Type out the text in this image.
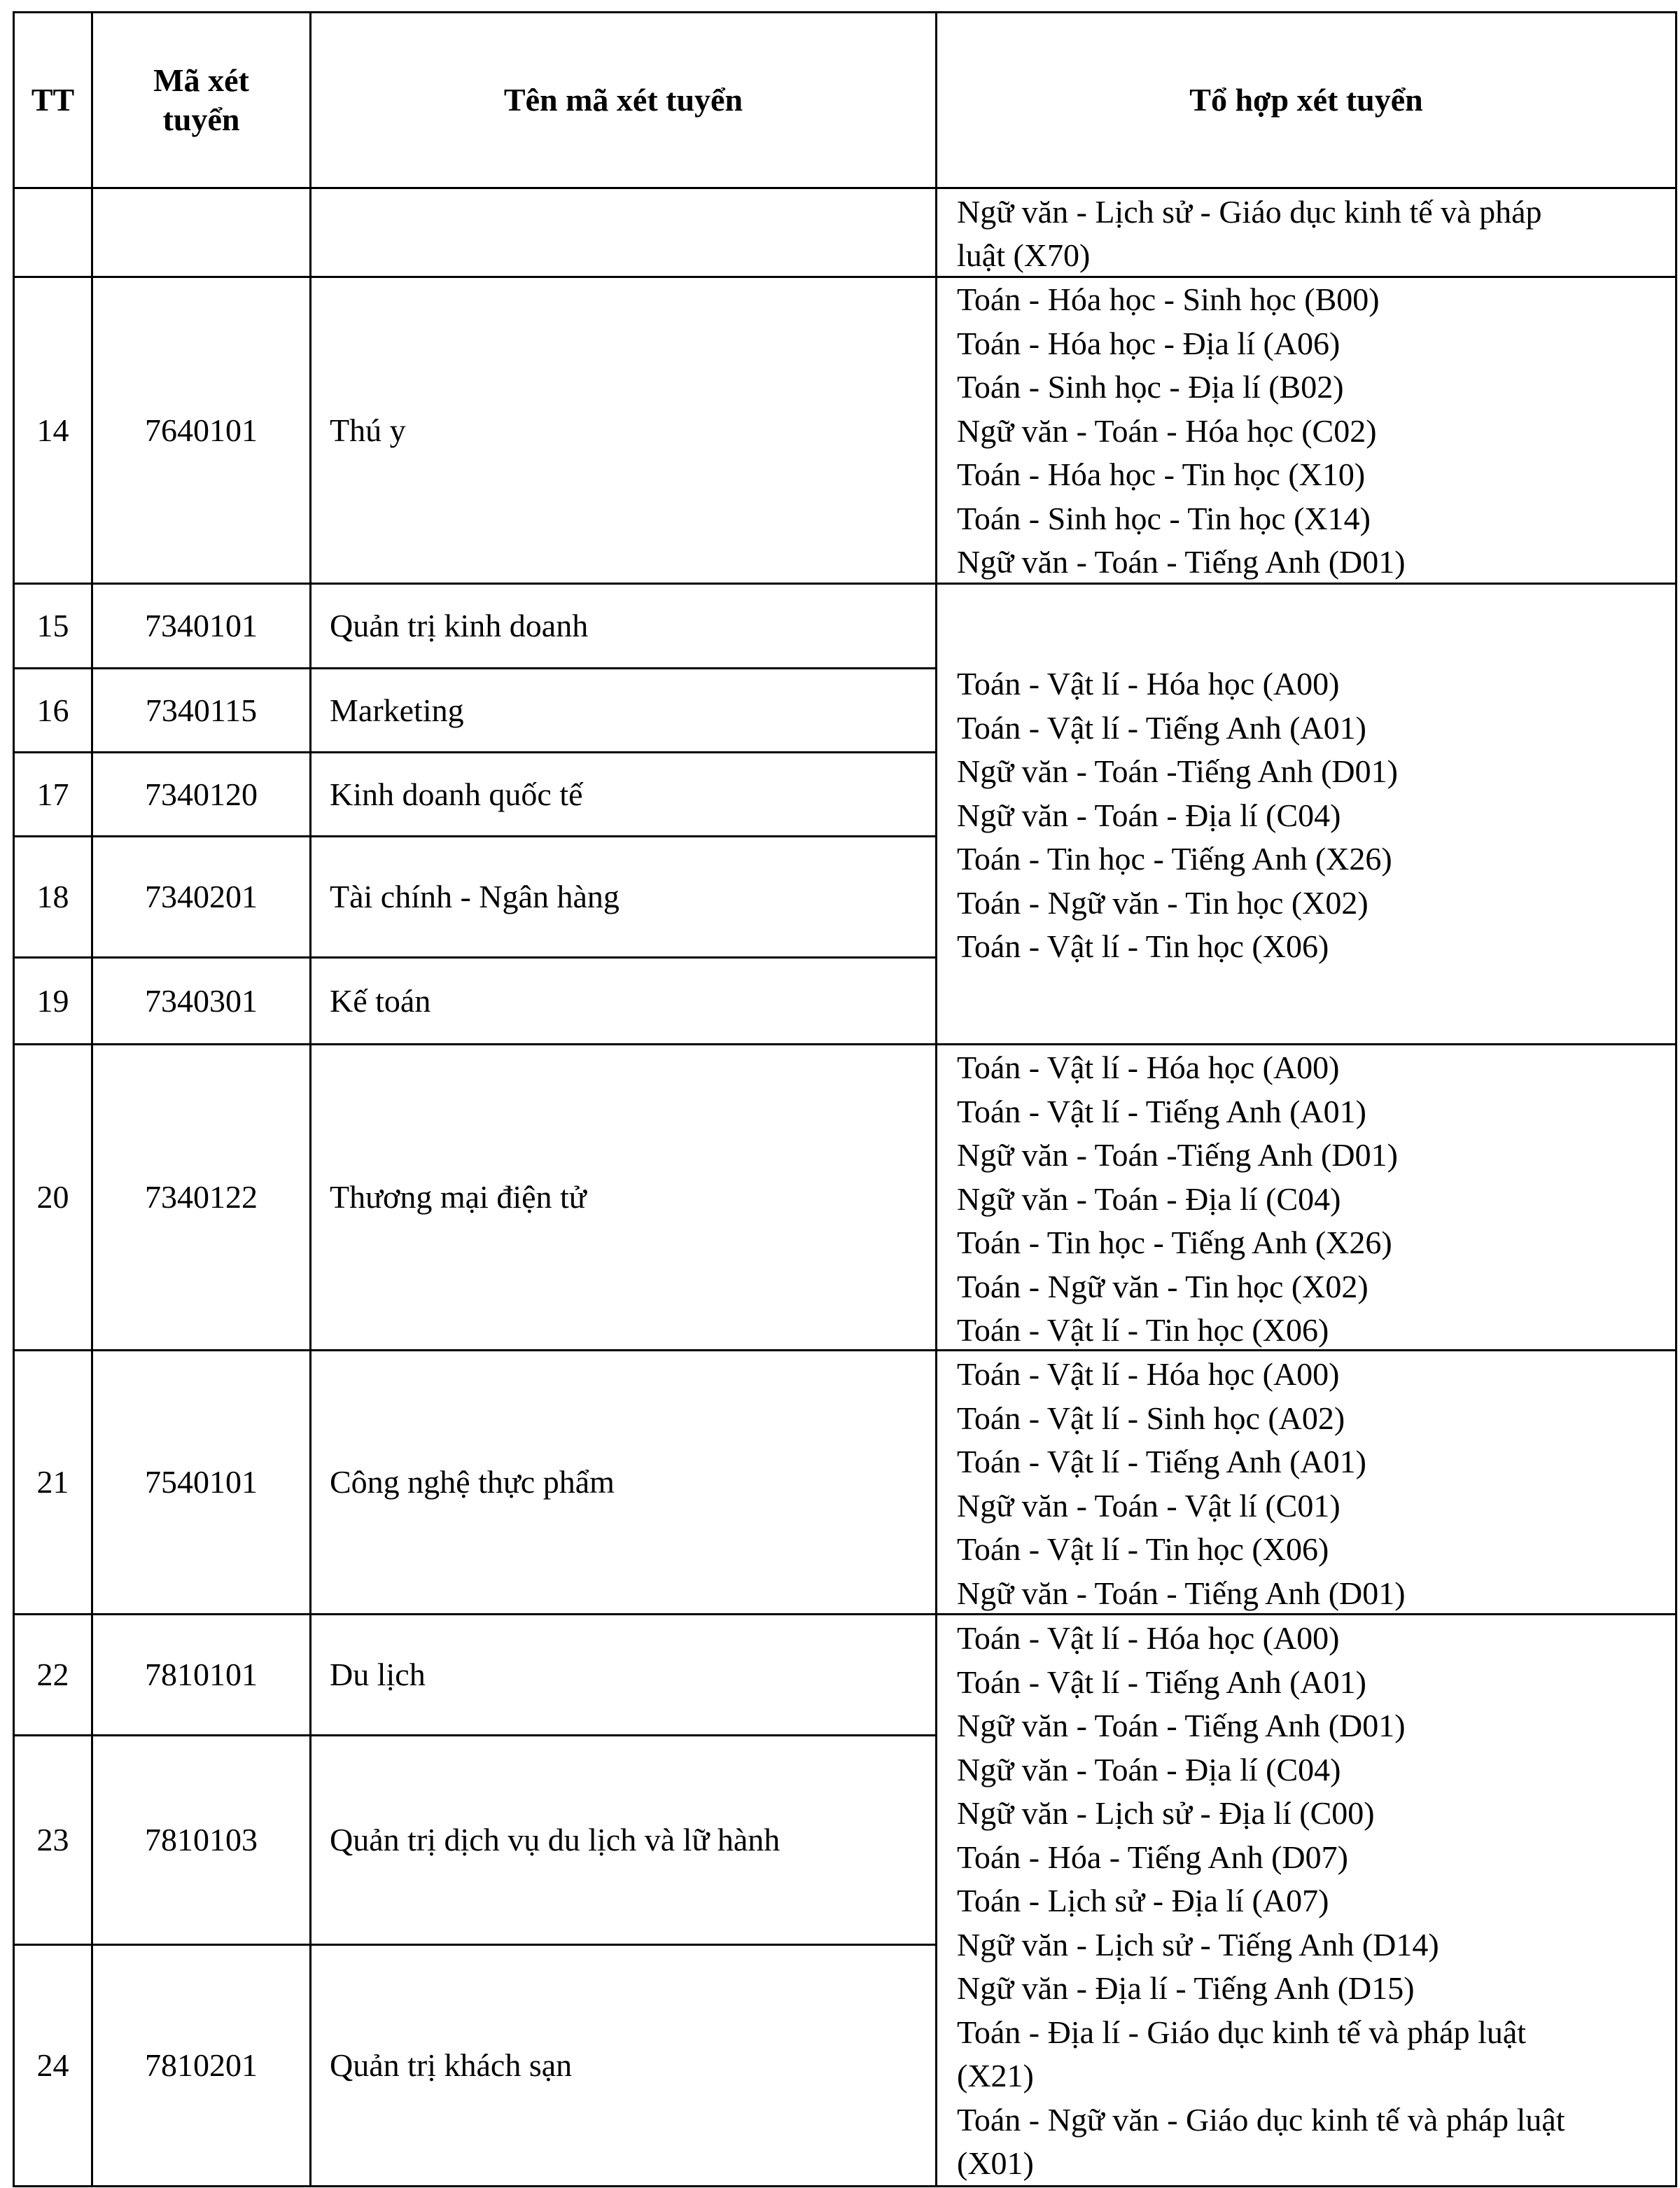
TT
Mã xét
tuyển
Tên mã xét tuyển	Tổ hợp xét tuyển
Ngữ văn - Lịch sử - Giáo dục kinh tế và pháp
luật (X70)
14 7640101 Thú y
Toán - Hóa học - Sinh học (B00)
Toán - Hóa học - Địa lí (A06)
Toán - Sinh học - Địa lí (B02)
Ngữ văn - Toán - Hóa học (C02)
Toán - Hóa học - Tin học (X10)
Toán - Sinh học - Tin học (X14)
Ngữ văn - Toán - Tiếng Anh (D01)
15 7340101 Quản trị kinh doanh
16 7340115 Marketing
17 7340120 Kinh doanh quốc tế
18 7340201 Tài chính - Ngân hàng
19 7340301 Kế toán
Toán - Vật lí - Hóa học (A00)
Toán - Vật lí - Tiếng Anh (A01)
Ngữ văn - Toán -Tiếng Anh (D01)
Ngữ văn - Toán - Địa lí (C04)
Toán - Tin học - Tiếng Anh (X26)
Toán - Ngữ văn - Tin học (X02)
Toán - Vật lí - Tin học (X06)
20 7340122 Thương mại điện tử
Toán - Vật lí - Hóa học (A00)
Toán - Vật lí - Tiếng Anh (A01)
Ngữ văn - Toán -Tiếng Anh (D01)
Ngữ văn - Toán - Địa lí (C04)
Toán - Tin học - Tiếng Anh (X26)
Toán - Ngữ văn - Tin học (X02)
Toán - Vật lí - Tin học (X06)
21 7540101 Công nghệ thực phẩm
Toán - Vật lí - Hóa học (A00)
Toán - Vật lí - Sinh học (A02)
Toán - Vật lí - Tiếng Anh (A01)
Ngữ văn - Toán - Vật lí (C01)
Toán - Vật lí - Tin học (X06)
Ngữ văn - Toán - Tiếng Anh (D01)
22 7810101 Du lịch
23 7810103 Quản trị dịch vụ du lịch và lữ hành
24 7810201 Quản trị khách sạn
Toán - Vật lí - Hóa học (A00)
Toán - Vật lí - Tiếng Anh (A01)
Ngữ văn - Toán - Tiếng Anh (D01)
Ngữ văn - Toán - Địa lí (C04)
Ngữ văn - Lịch sử - Địa lí (C00)
Toán - Hóa - Tiếng Anh (D07)
Toán - Lịch sử - Địa lí (A07)
Ngữ văn - Lịch sử - Tiếng Anh (D14)
Ngữ văn - Địa lí - Tiếng Anh (D15)
Toán - Địa lí - Giáo dục kinh tế và pháp luật
(X21)
Toán - Ngữ văn - Giáo dục kinh tế và pháp luật
(X01)
